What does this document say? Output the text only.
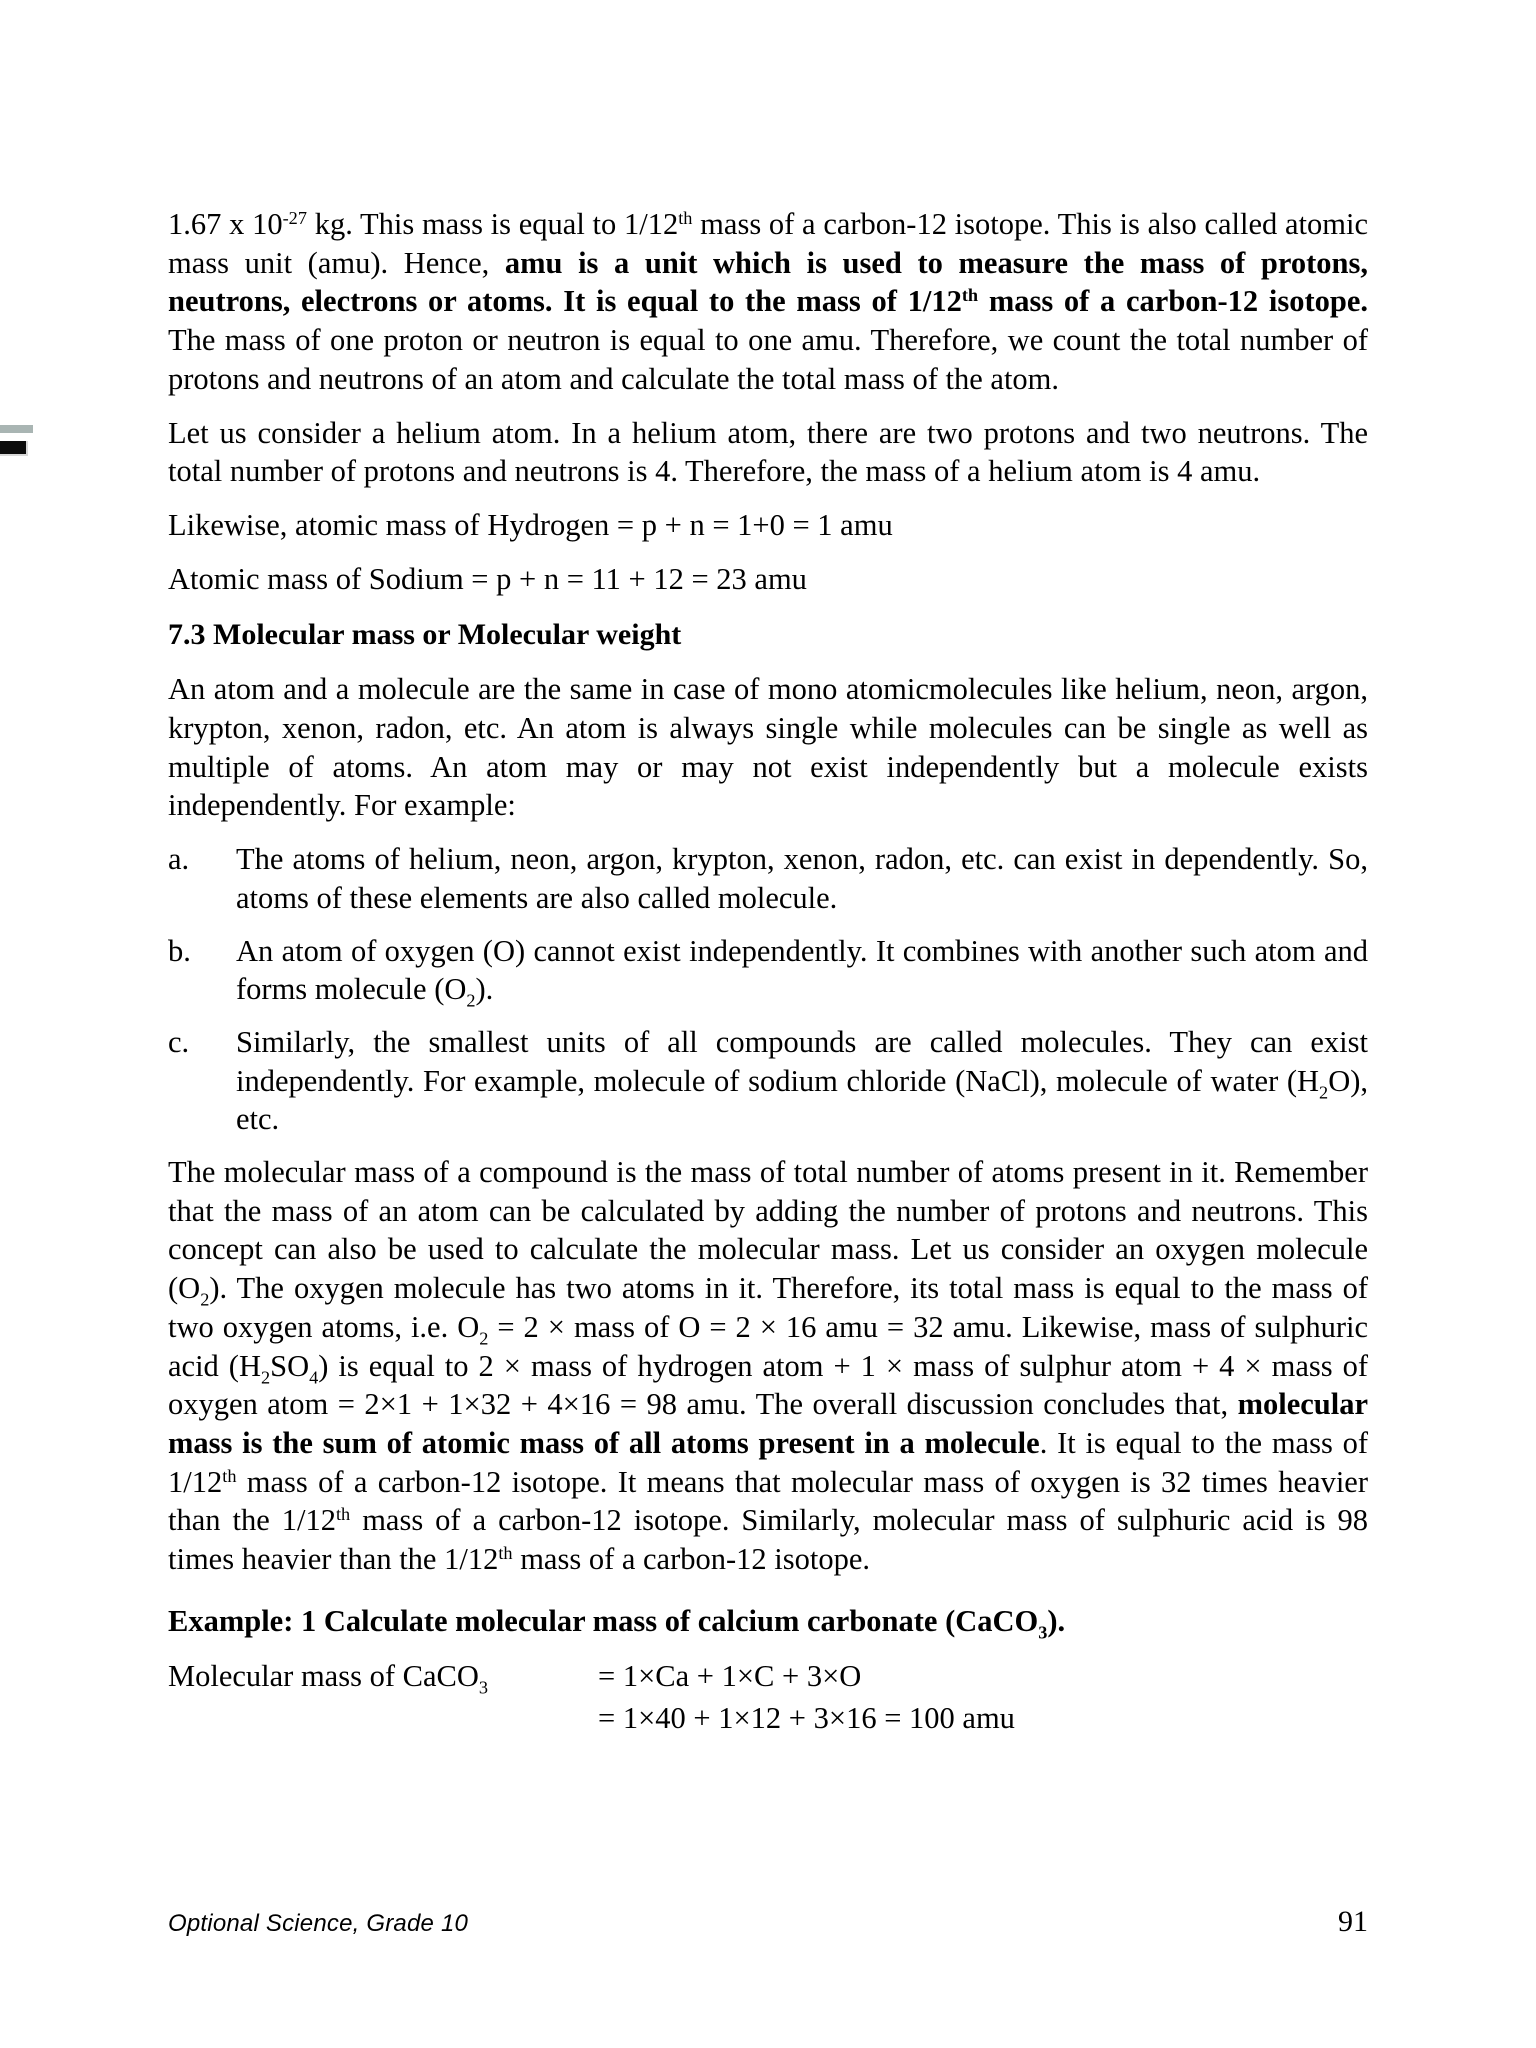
1.67 x $10^{-27}$ kg. This mass is equal to 1/12th mass of a carbon-12 isotope. This is also called atomic mass unit (amu). Hence, amu is a unit which is used to measure the mass of protons, neutrons, electrons or atoms. It is equal to the mass of 1/12th mass of a carbon-12 isotope. The mass of one proton or neutron is equal to one amu. Therefore, we count the total number of protons and neutrons of an atom and calculate the total mass of the atom.

Let us consider a helium atom. In a helium atom, there are two protons and two neutrons. The total number of protons and neutrons is 4. Therefore, the mass of a helium atom is 4 amu.

Likewise, atomic mass of Hydrogen = p + n = 1+0 = 1 amu

Atomic mass of Sodium = p + n = 11 + 12 = 23 amu

7.3 Molecular mass or Molecular weight

An atom and a molecule are the same in case of mono atomicmolecules like helium, neon, argon, krypton, xenon, radon, etc. An atom is always single while molecules can be single as well as multiple of atoms. An atom may or may not exist independently but a molecule exists independently. For example:

a.	The atoms of helium, neon, argon, krypton, xenon, radon, etc. can exist in dependently. So, atoms of these elements are also called molecule.
b.	An atom of oxygen (O) cannot exist independently. It combines with another such atom and forms molecule $(O_2)$.
c.	Similarly, the smallest units of all compounds are called molecules. They can exist independently. For example, molecule of sodium chloride (NaCl), molecule of water $(H_2O)$, etc.

The molecular mass of a compound is the mass of total number of atoms present in it. Remember that the mass of an atom can be calculated by adding the number of protons and neutrons. This concept can also be used to calculate the molecular mass. Let us consider an oxygen molecule $(O_2)$. The oxygen molecule has two atoms in it. Therefore, its total mass is equal to the mass of two oxygen atoms, i.e. $O_2 = 2$ × mass of O = 2 × 16 amu = 32 amu. Likewise, mass of sulphuric acid $(H_2SO_4)$ is equal to 2 × mass of hydrogen atom + 1 × mass of sulphur atom + 4 × mass of oxygen atom = 2×1 + 1×32 + 4×16 = 98 amu. The overall discussion concludes that, molecular mass is the sum of atomic mass of all atoms present in a molecule. It is equal to the mass of 1/12th mass of a carbon-12 isotope. It means that molecular mass of oxygen is 32 times heavier than the 1/12th mass of a carbon-12 isotope. Similarly, molecular mass of sulphuric acid is 98 times heavier than the 1/12th mass of a carbon-12 isotope.

Example: 1 Calculate molecular mass of calcium carbonate (CaCO$_3$).

Molecular mass of CaCO$_3$	= 1×Ca + 1×C + 3×O
= 1×40 + 1×12 + 3×16 = 100 amu
Optional Science, Grade 10	91
